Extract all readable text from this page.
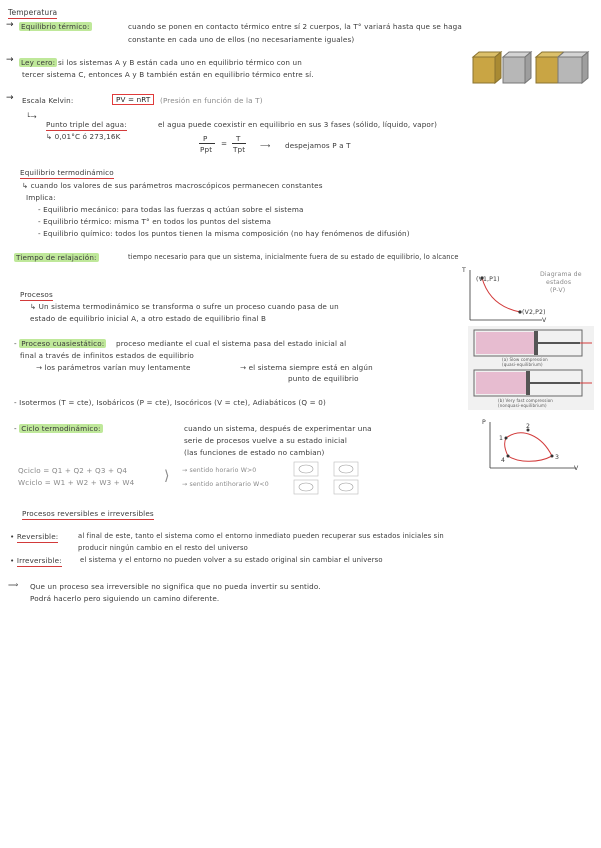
Temperatura
→ Equilibrio térmico:	cuando se ponen en contacto térmico entre sí 2 cuerpos, la T° variará hasta que se haga
constante en cada uno de ellos (no necesariamente iguales)
→ Ley cero: si los sistemas A y B están cada uno en equilibrio térmico con un
tercer sistema C, entonces A y B también están en equilibrio térmico entre sí.
→ Escala Kelvin:	PV = nRT	(Presión en función de la T)
└→
Punto triple del agua:	el agua puede coexistir en equilibrio en sus 3 fases (sólido, líquido, vapor)
↳ 0,01°C ó 273,16K	P
Ppt
=
T
Tpt ⟶ despejamos P a T
Equilibrio termodinámico
↳ cuando los valores de sus parámetros macroscópicos permanecen constantes
Implica:
- Equilibrio mecánico: para todas las fuerzas q actúan sobre el sistema
- Equilibrio térmico: misma T° en todos los puntos del sistema
- Equilibrio químico: todos los puntos tienen la misma composición (no hay fenómenos de difusión)
Tiempo de relajación:	tiempo necesario para que un sistema, inicialmente fuera de su estado de equilibrio, lo alcance
Procesos
↳ Un sistema termodinámico se transforma o sufre un proceso cuando pasa de un
estado de equilibrio inicial A, a otro estado de equilibrio final B
T
V
(V1,P1)
(V2,P2)
Diagrama de
estados
(P-V)
- Proceso cuasiestático: proceso mediante el cual el sistema pasa del estado inicial al
final a través de infinitos estados de equilibrio
→ los parámetros varían muy lentamente	→ el sistema siempre está en algún
punto de equilibrio
(a) Slow compression
(quasi-equilibrium)
(b) Very fast compression
(nonquasi-equilibrium)
- Isotermos (T = cte), Isobáricos (P = cte), Isocóricos (V = cte), Adiabáticos (Q = 0)
- Ciclo termodinámico:	cuando un sistema, después de experimentar una
serie de procesos vuelve a su estado inicial
(las funciones de estado no cambian)
Qciclo = Q1 + Q2 + Q3 + Q4
Wciclo = W1 + W2 + W3 + W4 ⟩ → sentido horario W>0
→ sentido antihorario W<0
P
V
1
2
3
4
Procesos reversibles e irreversibles
• Reversible:	al final de este, tanto el sistema como el entorno inmediato pueden recuperar sus estados iniciales sin
producir ningún cambio en el resto del universo
• Irreversible:	el sistema y el entorno no pueden volver a su estado original sin cambiar el universo
⟹ Que un proceso sea irreversible no significa que no pueda invertir su sentido.
Podrá hacerlo pero siguiendo un camino diferente.
